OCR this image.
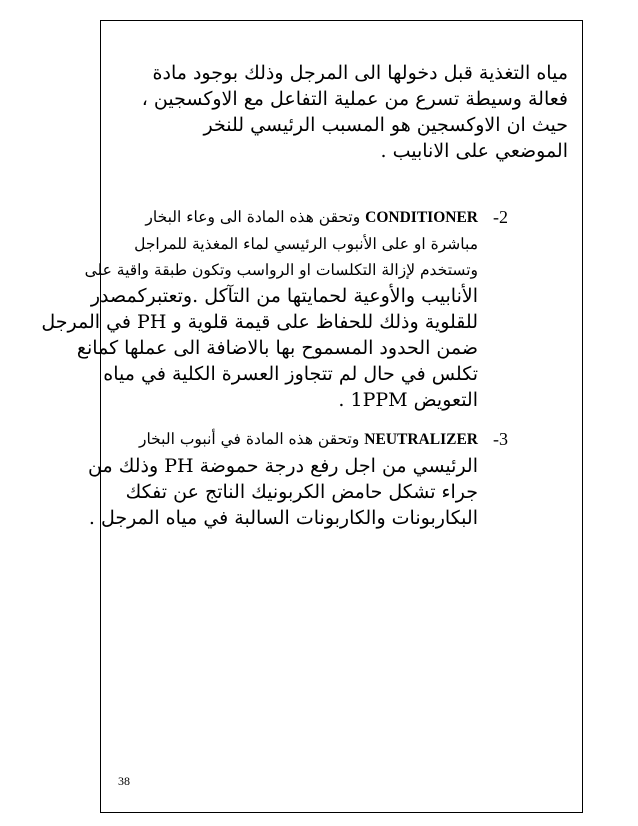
مياه التغذية قبل دخولها الى المرجل وذلك بوجود مادة
فعالة وسيطة تسرع من عملية التفاعل مع الاوكسجين ،
حيث ان الاوكسجين هو المسبب الرئيسي للنخر
الموضعي على الانابيب .
-2
CONDITIONER وتحقن هذه المادة الى وعاء البخار
مباشرة او على الأنبوب الرئيسي لماء المغذية للمراجل
وتستخدم لإزالة التكلسات او الرواسب وتكون طبقة واقية على
الأنابيب والأوعية لحمايتها من التآكل .وتعتبركمصدر
للقلوية وذلك للحفاظ على قيمة قلوية و PH في المرجل
ضمن الحدود المسموح بها بالاضافة الى عملها كمانع
تكلس في حال لم تتجاوز العسرة الكلية في مياه
التعويض 1PPM .
-3
NEUTRALIZER وتحقن هذه المادة في أنبوب البخار
الرئيسي من اجل رفع درجة حموضة PH وذلك من
جراء تشكل حامض الكربونيك الناتج عن تفكك
البكاربونات والكاربونات السالبة في مياه المرجل .
38
